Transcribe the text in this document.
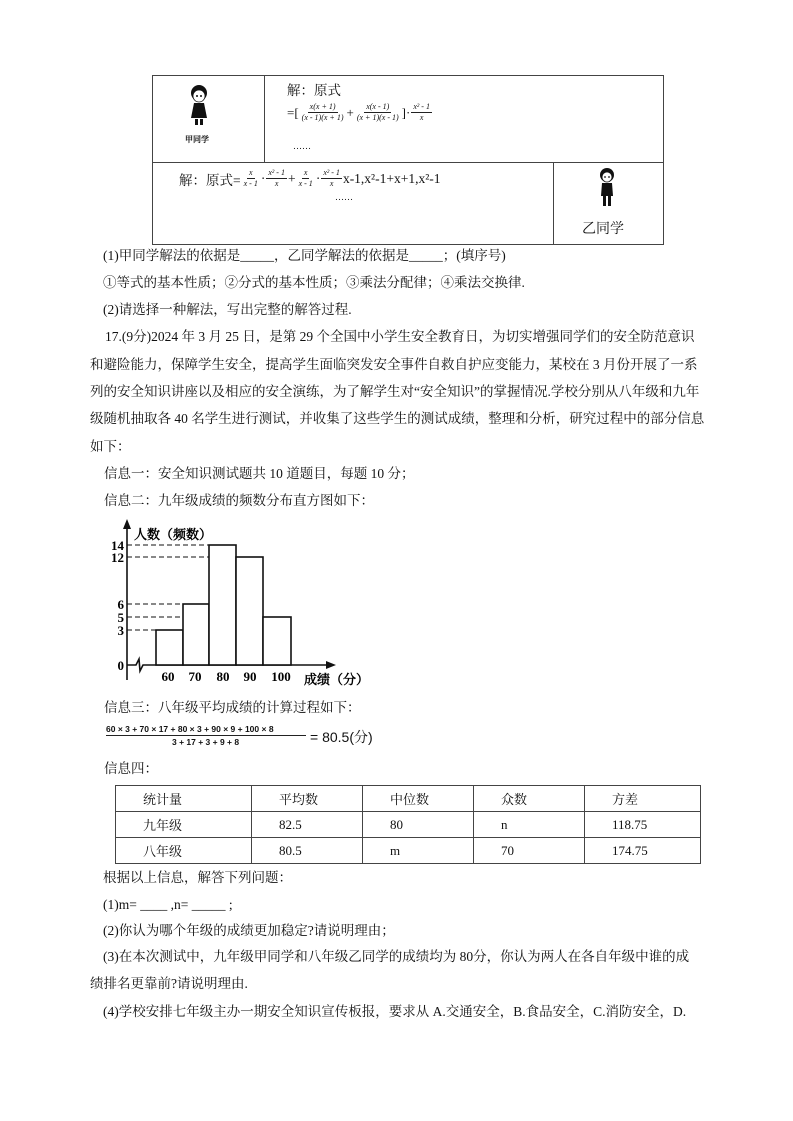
甲同学
解：原式
=[ $\frac{x(x + 1)}{(x - 1)(x + 1)} + \frac{x(x - 1)}{(x + 1)(x - 1)}$ ]· $\frac{\text{x² - 1}}{x}$
……
解：原式= $\frac{x}{x - 1} \cdot \frac{\text{x² - 1}}{x} + \frac{x}{x - 1} \cdot \frac{\text{x² - 1}}{x} x-1,x^2-1+x+1,x^2-1$
……
乙同学
(1)甲同学解法的依据是_____，乙同学解法的依据是_____；(填序号)
①等式的基本性质；②分式的基本性质；③乘法分配律；④乘法交换律.
(2)请选择一种解法，写出完整的解答过程.
17.(9分)2024 年 3 月 25 日，是第 29 个全国中小学生安全教育日，为切实增强同学们的安全防范意识
和避险能力，保障学生安全，提高学生面临突发安全事件自救自护应变能力，某校在 3 月份开展了一系
列的安全知识讲座以及相应的安全演练，为了解学生对“安全知识”的掌握情况.学校分别从八年级和九年
级随机抽取各 40 名学生进行测试，并收集了这些学生的测试成绩，整理和分析，研究过程中的部分信息
如下：
信息一：安全知识测试题共 10 道题目，每题 10 分；
信息二：九年级成绩的频数分布直方图如下：
14
12
6
5
3
0
60 70 80 90 100
人数（频数）
成绩（分）
信息三：八年级平均成绩的计算过程如下：
60 × 3 + 70 × 17 + 80 × 3 + 90 × 9 + 100 × 8
3 + 17 + 3 + 9 + 8	= 80.5(分)
信息四：
统计量	平均数	中位数	众数	方差
九年级	82.5	80	n	118.75
八年级	80.5	m	70	174.75
根据以上信息，解答下列问题：
(1)m= ____ ,n= _____ ;
(2)你认为哪个年级的成绩更加稳定?请说明理由；
(3)在本次测试中，九年级甲同学和八年级乙同学的成绩均为 80分，你认为两人在各自年级中谁的成
绩排名更靠前?请说明理由.
(4)学校安排七年级主办一期安全知识宣传板报，要求从 A.交通安全，B.食品安全，C.消防安全，D.
